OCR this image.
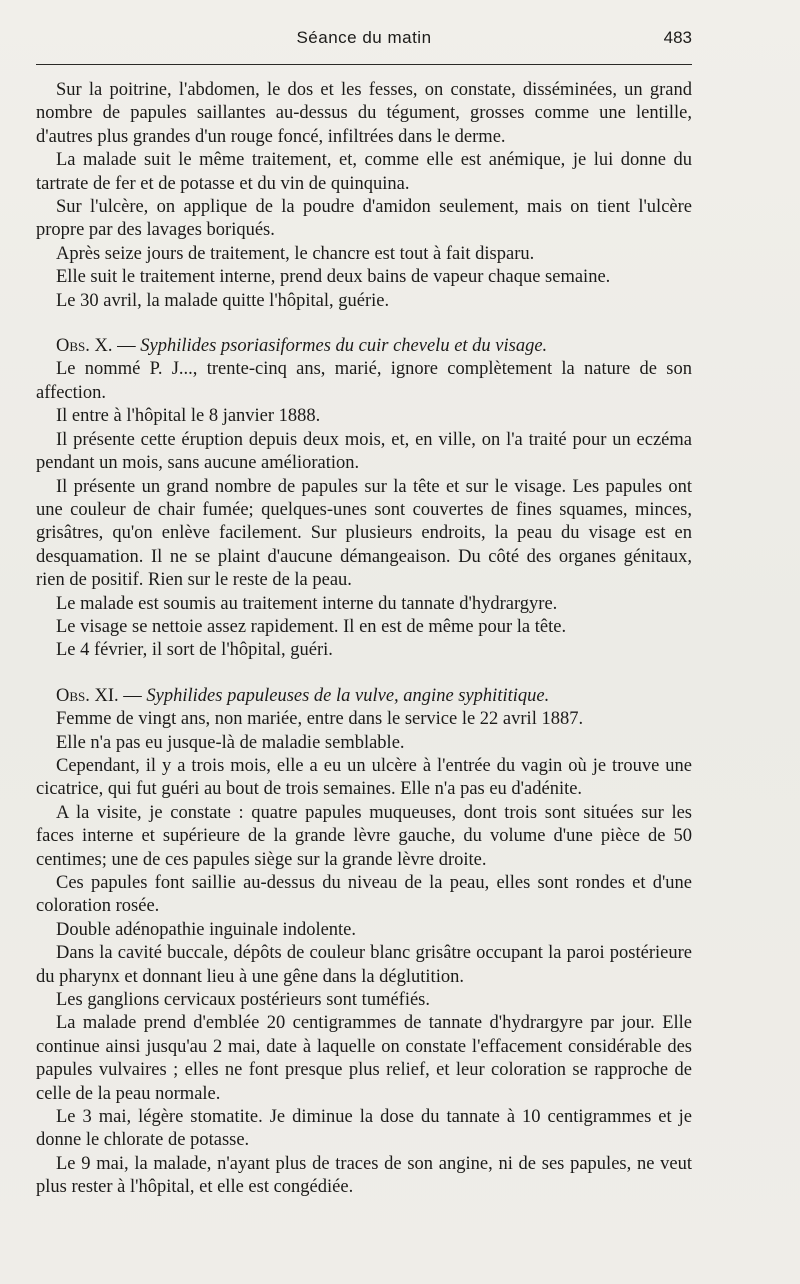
Séance du matin	483

Sur la poitrine, l'abdomen, le dos et les fesses, on constate, disséminées, un grand nombre de papules saillantes au-dessus du tégument, grosses comme une lentille, d'autres plus grandes d'un rouge foncé, infiltrées dans le derme.

La malade suit le même traitement, et, comme elle est anémique, je lui donne du tartrate de fer et de potasse et du vin de quinquina.

Sur l'ulcère, on applique de la poudre d'amidon seulement, mais on tient l'ulcère propre par des lavages boriqués.

Après seize jours de traitement, le chancre est tout à fait disparu.

Elle suit le traitement interne, prend deux bains de vapeur chaque semaine.

Le 30 avril, la malade quitte l'hôpital, guérie.

Obs. X. — Syphilides psoriasiformes du cuir chevelu et du visage.

Le nommé P. J..., trente-cinq ans, marié, ignore complètement la nature de son affection.

Il entre à l'hôpital le 8 janvier 1888.

Il présente cette éruption depuis deux mois, et, en ville, on l'a traité pour un eczéma pendant un mois, sans aucune amélioration.

Il présente un grand nombre de papules sur la tête et sur le visage. Les papules ont une couleur de chair fumée; quelques-unes sont couvertes de fines squames, minces, grisâtres, qu'on enlève facilement. Sur plusieurs endroits, la peau du visage est en desquamation. Il ne se plaint d'aucune démangeaison. Du côté des organes génitaux, rien de positif. Rien sur le reste de la peau.

Le malade est soumis au traitement interne du tannate d'hydrargyre.

Le visage se nettoie assez rapidement. Il en est de même pour la tête.

Le 4 février, il sort de l'hôpital, guéri.

Obs. XI. — Syphilides papuleuses de la vulve, angine syphititique.

Femme de vingt ans, non mariée, entre dans le service le 22 avril 1887.

Elle n'a pas eu jusque-là de maladie semblable.

Cependant, il y a trois mois, elle a eu un ulcère à l'entrée du vagin où je trouve une cicatrice, qui fut guéri au bout de trois semaines. Elle n'a pas eu d'adénite.

A la visite, je constate : quatre papules muqueuses, dont trois sont situées sur les faces interne et supérieure de la grande lèvre gauche, du volume d'une pièce de 50 centimes; une de ces papules siège sur la grande lèvre droite.

Ces papules font saillie au-dessus du niveau de la peau, elles sont rondes et d'une coloration rosée.

Double adénopathie inguinale indolente.

Dans la cavité buccale, dépôts de couleur blanc grisâtre occupant la paroi postérieure du pharynx et donnant lieu à une gêne dans la déglutition.

Les ganglions cervicaux postérieurs sont tuméfiés.

La malade prend d'emblée 20 centigrammes de tannate d'hydrargyre par jour. Elle continue ainsi jusqu'au 2 mai, date à laquelle on constate l'effacement considérable des papules vulvaires ; elles ne font presque plus relief, et leur coloration se rapproche de celle de la peau normale.

Le 3 mai, légère stomatite. Je diminue la dose du tannate à 10 centigrammes et je donne le chlorate de potasse.

Le 9 mai, la malade, n'ayant plus de traces de son angine, ni de ses papules, ne veut plus rester à l'hôpital, et elle est congédiée.
